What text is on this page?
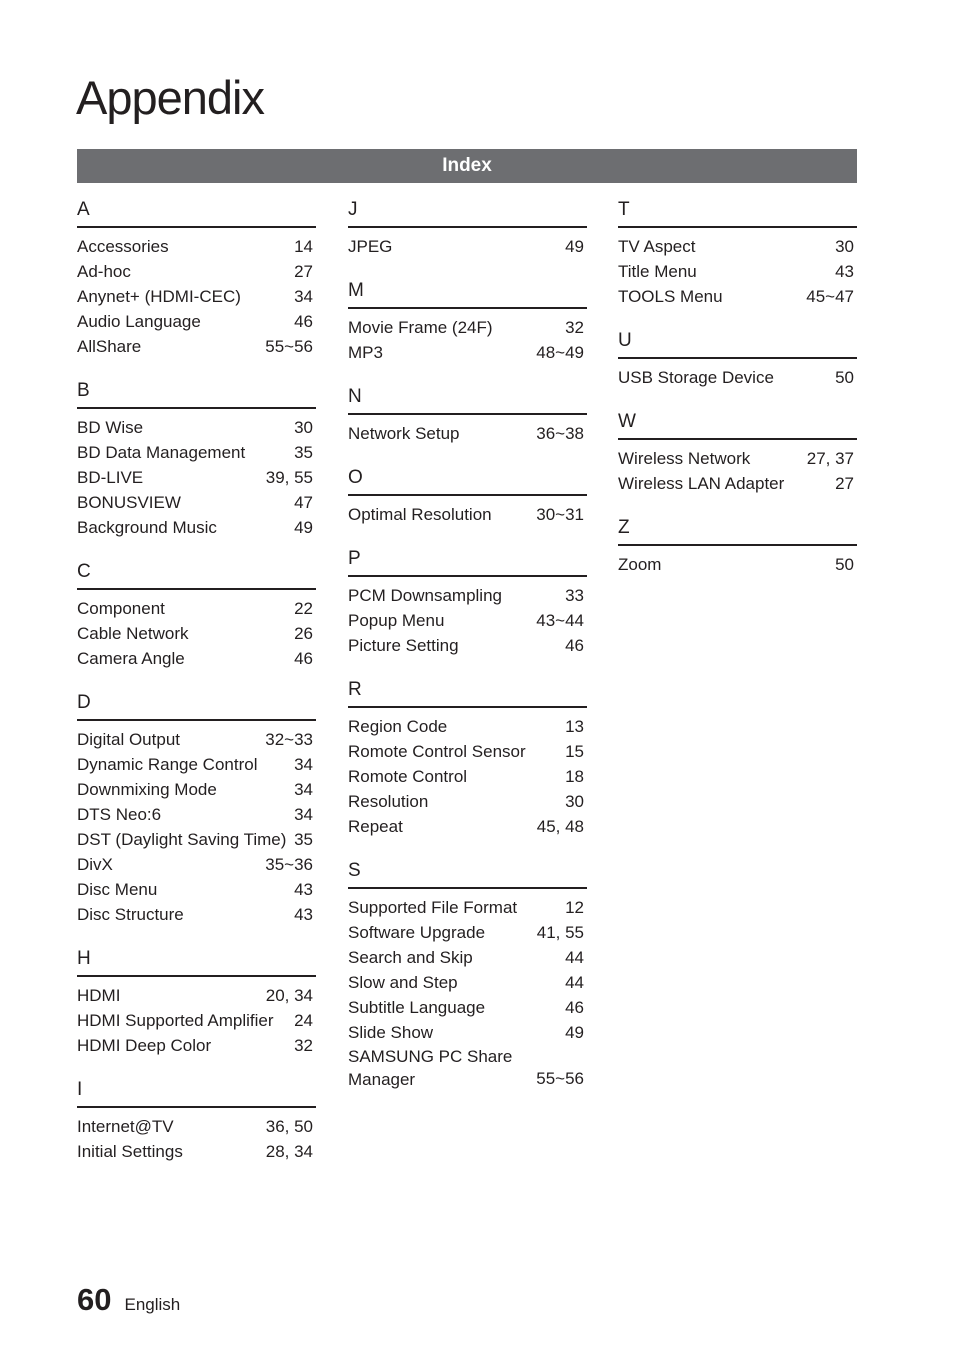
Appendix
Index
A
Accessories	14
Ad-hoc	27
Anynet+ (HDMI-CEC)	34
Audio Language	46
AllShare	55~56
B
BD Wise	30
BD Data Management	35
BD-LIVE	39, 55
BONUSVIEW	47
Background Music	49
C
Component	22
Cable Network	26
Camera Angle	46
D
Digital Output	32~33
Dynamic Range Control	34
Downmixing Mode	34
DTS Neo:6	34
DST (Daylight Saving Time) 35
DivX	35~36
Disc Menu	43
Disc Structure	43
H
HDMI	20, 34
HDMI Supported Amplifier	24
HDMI Deep Color	32
I
Internet@TV	36, 50
Initial Settings	28, 34
J
JPEG	49
M
Movie Frame (24F)	32
MP3	48~49
N
Network Setup	36~38
O
Optimal Resolution	30~31
P
PCM Downsampling	33
Popup Menu	43~44
Picture Setting	46
R
Region Code	13
Romote Control Sensor	15
Romote Control	18
Resolution	30
Repeat	45, 48
S
Supported File Format	12
Software Upgrade	41, 55
Search and Skip	44
Slow and Step	44
Subtitle Language	46
Slide Show	49
SAMSUNG PC Share Manager	55~56
T
TV Aspect	30
Title Menu	43
TOOLS Menu	45~47
U
USB Storage Device	50
W
Wireless Network	27, 37
Wireless LAN Adapter	27
Z
Zoom	50
60 English
